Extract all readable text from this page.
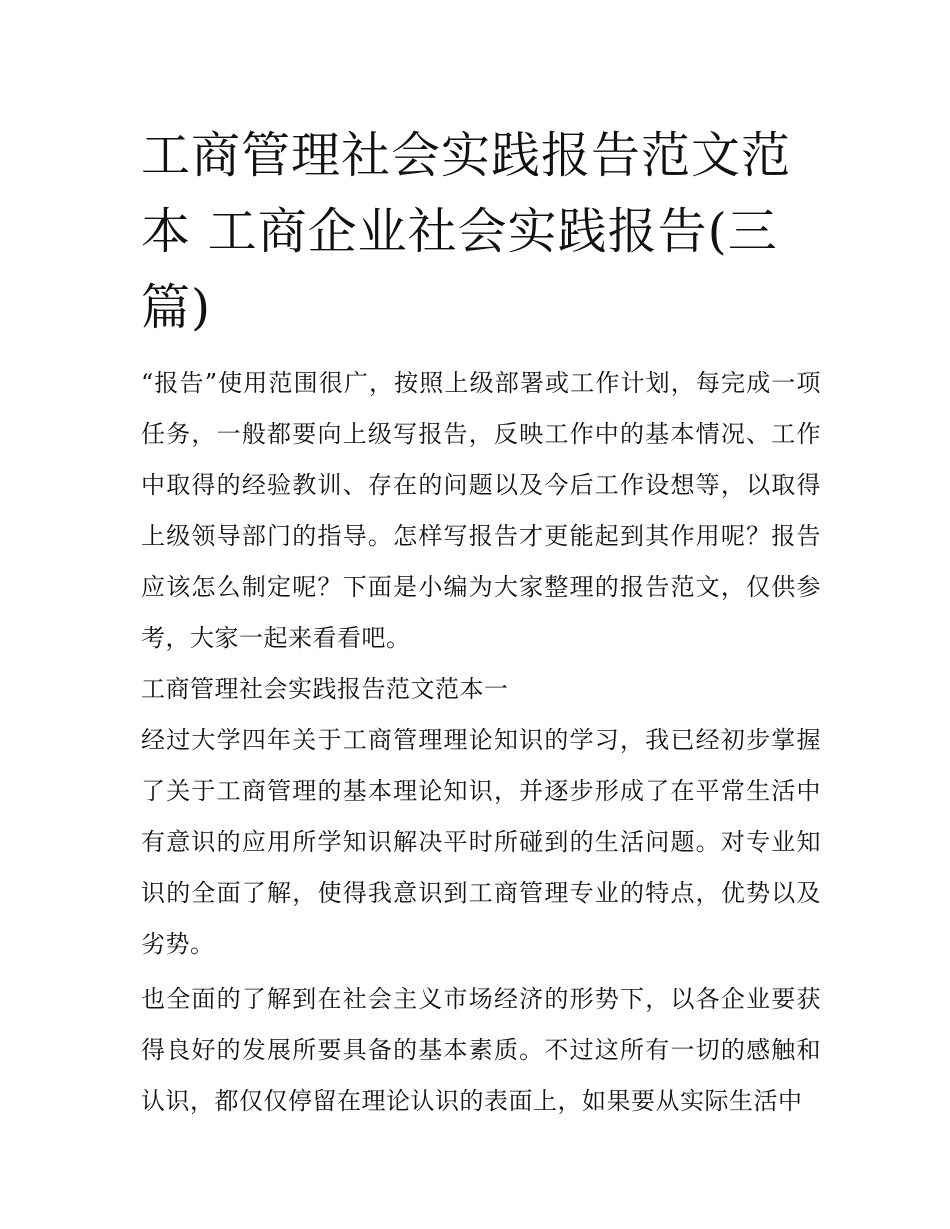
工商管理社会实践报告范文范本 工商企业社会实践报告(三篇)

“报告”使用范围很广，按照上级部署或工作计划，每完成一项任务，一般都要向上级写报告，反映工作中的基本情况、工作中取得的经验教训、存在的问题以及今后工作设想等，以取得上级领导部门的指导。怎样写报告才更能起到其作用呢？报告应该怎么制定呢？下面是小编为大家整理的报告范文，仅供参考，大家一起来看看吧。

工商管理社会实践报告范文范本一

经过大学四年关于工商管理理论知识的学习，我已经初步掌握了关于工商管理的基本理论知识，并逐步形成了在平常生活中有意识的应用所学知识解决平时所碰到的生活问题。对专业知识的全面了解，使得我意识到工商管理专业的特点，优势以及劣势。

也全面的了解到在社会主义市场经济的形势下，以各企业要获得良好的发展所要具备的基本素质。不过这所有一切的感触和认识，都仅仅停留在理论认识的表面上，如果要从实际生活中
